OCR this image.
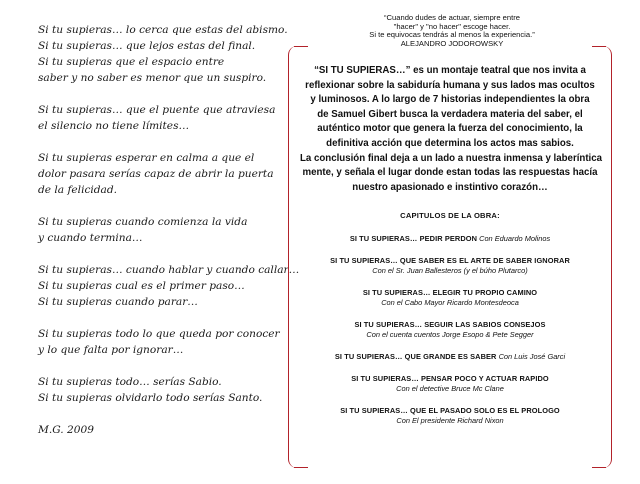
Si tu supieras… lo cerca que estas del abismo.
Si tu supieras… que lejos estas del final.
Si tu supieras que el espacio entre
saber y no saber es menor que un suspiro.
Si tu supieras… que el puente que atraviesa
el silencio no tiene límites…
Si tu supieras esperar en calma a que el
dolor pasara serías capaz de abrir la puerta
de la felicidad.
Si tu supieras cuando comienza la vida
y cuando termina…
Si tu supieras… cuando hablar y cuando callar…
Si tu supieras cual es el primer paso…
Si tu supieras cuando parar…
Si tu supieras todo lo que queda por conocer
y lo que falta por ignorar…
Si tu supieras todo… serías Sabio.
Si tu supieras olvidarlo todo serías Santo.
M.G. 2009
“Cuando dudes de actuar, siempre entre
"hacer" y "no hacer" escoge hacer.
Si te equivocas tendrás al menos la experiencia.”
ALEJANDRO JODOROWSKY
“SI TU SUPIERAS…” es un montaje teatral que nos invita a
reflexionar sobre la sabiduría humana y sus lados mas ocultos
y luminosos. A lo largo de 7 historias independientes la obra
de Samuel Gibert busca la verdadera materia del saber, el
auténtico motor que genera la fuerza del conocimiento, la
definitiva acción que determina los actos mas sabios.
La conclusión final deja a un lado a nuestra inmensa y laberíntica
mente, y señala el lugar donde estan todas las respuestas hacía
nuestro apasionado e instintivo corazón…
CAPITULOS DE LA OBRA:
SI TU SUPIERAS… PEDIR PERDON Con Eduardo Molinos
SI TU SUPIERAS… QUE SABER ES EL ARTE DE SABER IGNORAR
Con el Sr. Juan Ballesteros (y el búho Plutarco)
SI TU SUPIERAS… ELEGIR TU PROPIO CAMINO
Con el Cabo Mayor Ricardo Montesdeoca
SI TU SUPIERAS… SEGUIR LAS SABIOS CONSEJOS
Con el cuenta cuentos Jorge Esopo & Pete Segger
SI TU SUPIERAS… QUE GRANDE ES SABER Con Luis José Garci
SI TU SUPIERAS… PENSAR POCO Y ACTUAR RAPIDO
Con el detective Bruce Mc Clane
SI TU SUPIERAS… QUE EL PASADO SOLO ES EL PROLOGO
Con El presidente Richard Nixon
